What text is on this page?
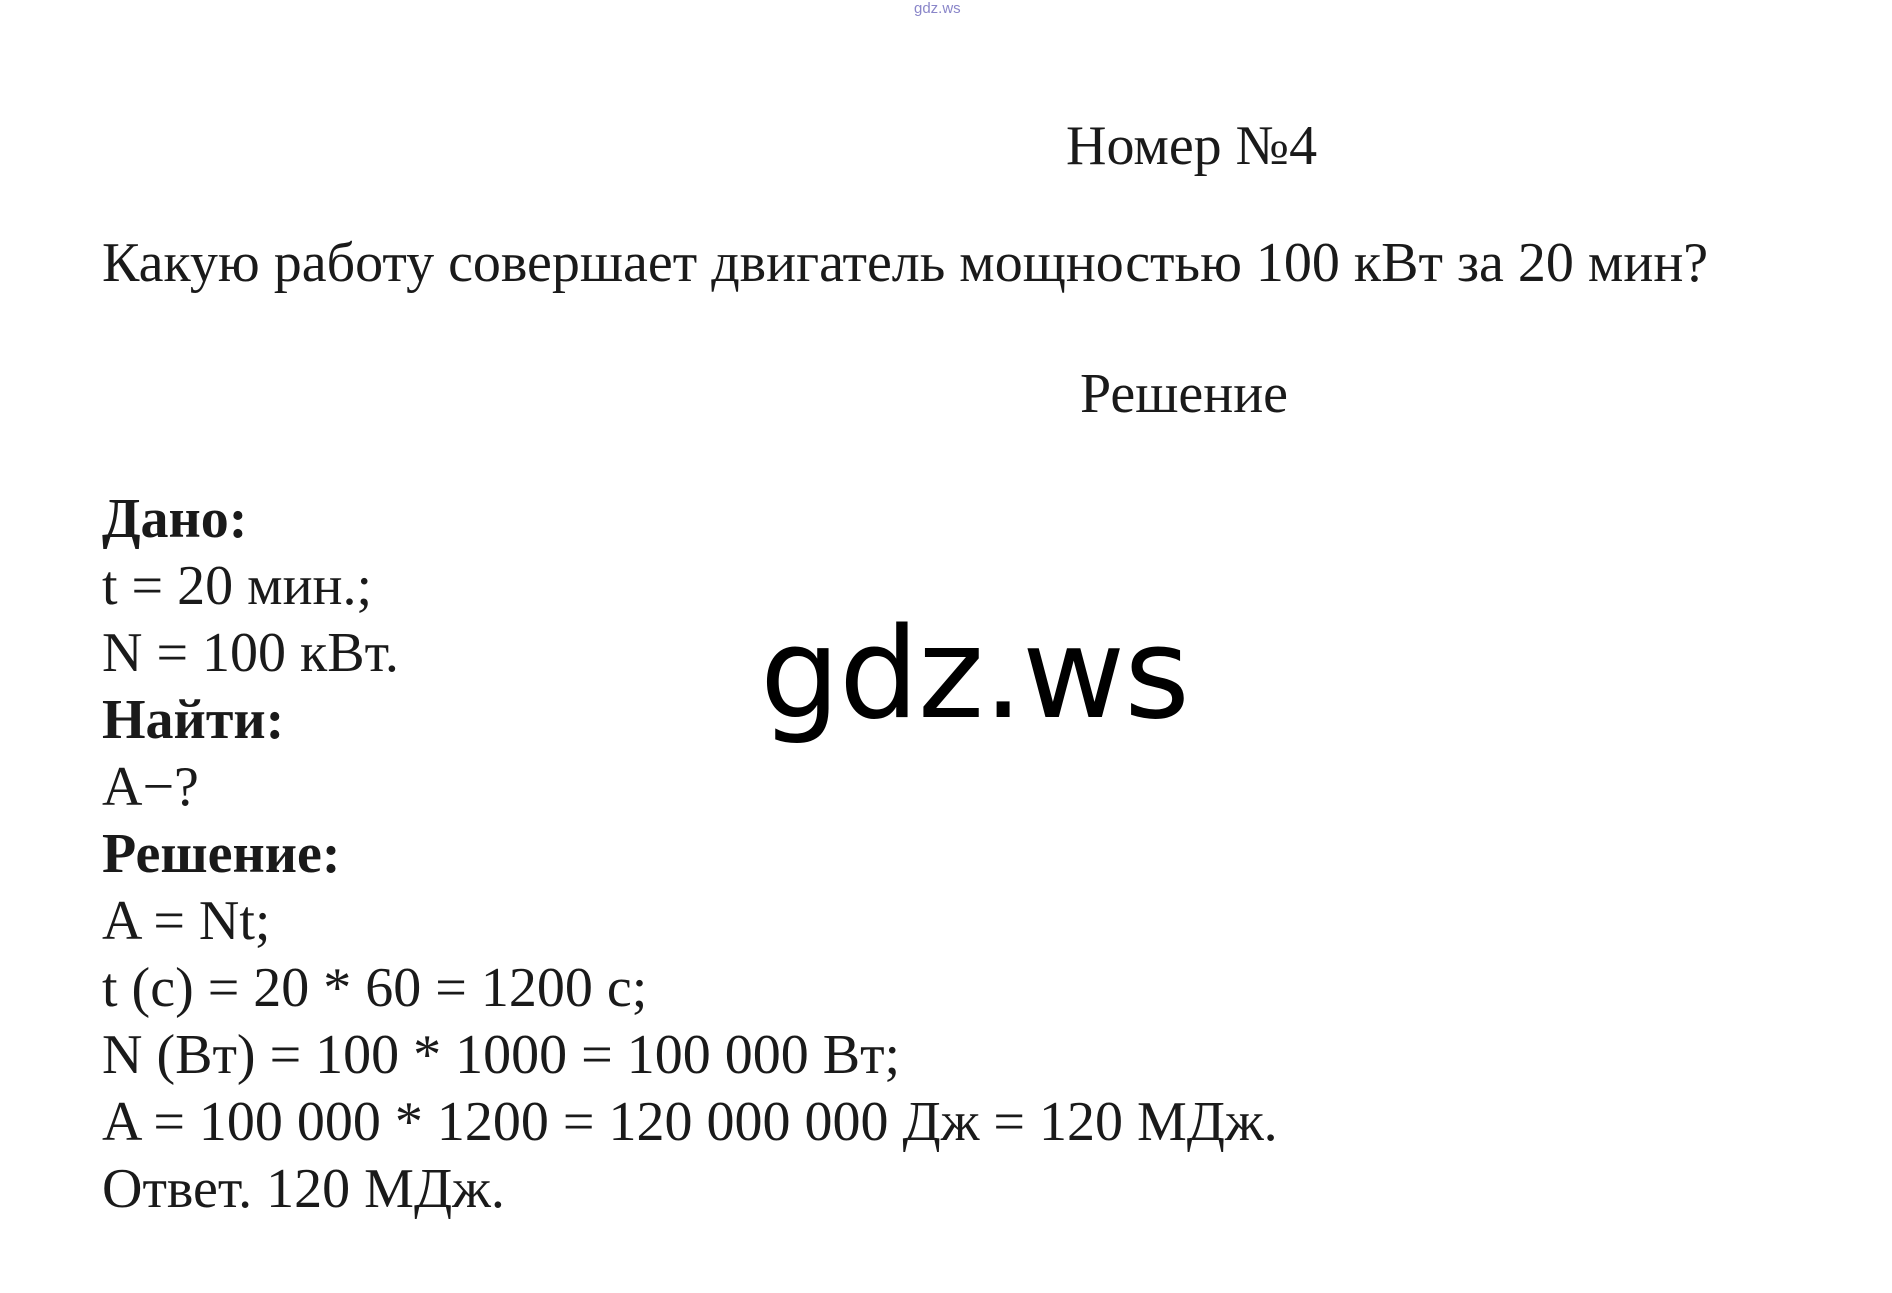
gdz.ws
Номер №4
Какую работу совершает двигатель мощностью 100 кВт за 20 мин?
Решение
Дано:
t = 20 мин.;
N = 100 кВт.
Найти:
A−?
Решение:
A = Nt;
t (c) = 20 * 60 = 1200 c;
N (Вт) = 100 * 1000 = 100 000 Вт;
A = 100 000 * 1200 = 120 000 000 Дж = 120 МДж.
Ответ. 120 МДж.
gdz.ws
